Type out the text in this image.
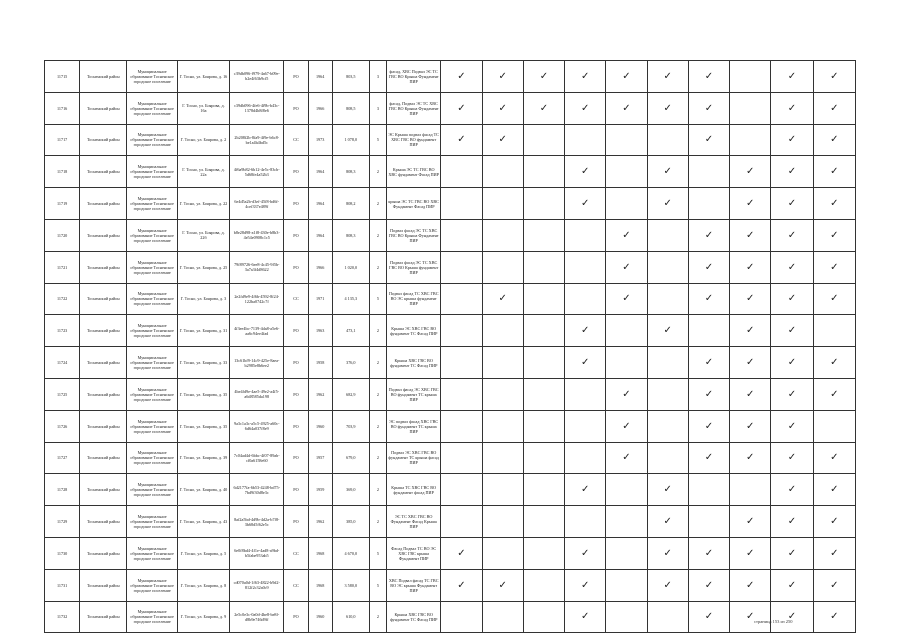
11715	Тосненский район	Муниципальное образование Тосненское городское поселение	Г. Тосно, ул. Боярова, д. 16	c39db096-f979-4a67-b09e-b2e4f63b9cf5	РО	1964	803,5	3	фасад, ХВС Подвал ЭС ТС ГВС ВО Крыша Фундамент ПИР	✓	✓	✓	✓	✓	✓	✓		✓	✓
11716	Тосненский район	Муниципальное образование Тосненское городское поселение	Г. Тосно, ул. Боярова, д. 16а	c39db096-4fe6-4f9b-b43c-1378d4b8f8e6	РО	1966	808,5	3	фасад, Подвал ЭС ТС ХВС ГВС ВО Крыша Фундамент ПИР	✓	✓	✓	✓	✓	✓	✓		✓	✓
11717	Тосненский район	Муниципальное образование Тосненское городское поселение	Г. Тосно, ул. Боярова, д. 2	2b208f2b-8fa9-4f9e-b6c8-be1a4b4bd5c	СС	1973	1 078,0	5	ЭС Крыша подвал фасад ТС ХВС ГВС ВО фундамент ПИР	✓	✓					✓		✓	✓
11718	Тосненский район	Муниципальное образование Тосненское городское поселение	Г. Тосно, ул. Боярова, д. 22а	4f6a9b82-6b12-4e5c-83cb-5d68fe4a52b3	РО	1964	808,3	2	Крыша ЭС ТС ГВС ВО ХВС фундамент Фасад ПИР				✓		✓		✓	✓	✓
11719	Тосненский район	Муниципальное образование Тосненское городское поселение	Г. Тосно, ул. Боярова, д. 22	6e4d5a2b-d3ef-45f8-bd6f-4cef337e489f	РО	1964	808,2	2	крыша ЭС ТС ГВС ВО ХВС Фундамент Фасад ПИР				✓		✓		✓	✓	✓
11720	Тосненский район	Муниципальное образование Тосненское городское поселение	Г. Тосно, ул. Боярова, д. 22б	b8e28d98-a1f8-430e-b8b3-4e54e0908c1c5	РО	1964	808,3	2	Подвал фасад ЭС ТС ХВС ГВС ВО Крыша Фундамент ПИР					✓		✓	✓	✓	✓
11721	Тосненский район	Муниципальное образование Тосненское городское поселение	Г. Тосно, ул. Боярова, д. 25	79f89726-6ee8-4c45-9f5b-3a7a3f4d8622	РО	1966	1 020,0	2	Подвал фасад ЭС ТС ХВС ГВС ВО Крыша фундамент ПИР					✓		✓	✓	✓	✓
11722	Тосненский район	Муниципальное образование Тосненское городское поселение	Г. Тосно, ул. Боярова, д. 3	2e2fd9e9-4f6b-4592-8f24-122ba0742c7f	СС	1971	4 135,3	5	Подвал фасад ТС ХВС ГВС ВО ЭС крыша фундамент ПИР		✓			✓		✓	✓	✓	✓
11723	Тосненский район	Муниципальное образование Тосненское городское поселение	Г. Тосно, ул. Боярова, д. 31	4f3ee4bc-7139-4da8-a5e6-aa6c94ee4fad	РО	1963	473,1	2	Крыша ЭС ХВС ГВС ВО фундамент ТС Фасад ПИР				✓		✓		✓	✓	
11724	Тосненский район	Муниципальное образование Тосненское городское поселение	Г. Тосно, ул. Боярова, д. 33	13c61bf9-14c9-425e-8aea-b2985e8b6ee2	РО	1958	376,0	2	Крыша ХВС ГВС ВО фундамент ТС Фасад ПИР				✓			✓	✓	✓	✓
11725	Тосненский район	Муниципальное образование Тосненское городское поселение	Г. Тосно, ул. Боярова, д. 35	4be4fd9e-4ae5-49e2-a4f5-a6d8585da198	РО	1962	682,9	2	Подвал фасад ЭС ХВС ГВС ВО фундамент ТС крыша ПИР					✓		✓	✓	✓	✓
11726	Тосненский район	Муниципальное образование Тосненское городское поселение	Г. Тосно, ул. Боярова, д. 35	9a3c1a3c-a5c5-4925-a60c-6d64a037f8e9	РО	1960	703,9	2	ЭС подвал фасад ХВС ГВС ВО фундамент ТС крыша ПИР					✓		✓	✓	✓	
11727	Тосненский район	Муниципальное образование Тосненское городское поселение	Г. Тосно, ул. Боярова, д. 39	7c04ad4d-6bbc-4f07-89ab-cf0a6158e60	РО	1957	679,0	2	Подвал ЭС ХВС ГВС ВО фундамент ТС крыша фасад ПИР					✓		✓	✓	✓	✓
11728	Тосненский район	Муниципальное образование Тосненское городское поселение	Г. Тосно, ул. Боярова, д. 40	6d2177fa-6b53-4248-bd75-7bd9f30d8e3c	РО	1959	369,0	2	Крыша ТС ХВС ГВС ВО фундамент фасад ПИР				✓		✓			✓	✓
11729	Тосненский район	Муниципальное образование Тосненское городское поселение	Г. Тосно, ул. Боярова, д. 43	8af2a5bd-4d9b-4d2a-b7f8-3b68d5f62e5c	РО	1962	385,0	2	ЭС ТС ХВС ГВС ВО Фундамент Фасад Крыша ПИР						✓		✓	✓	✓
11730	Тосненский район	Муниципальное образование Тосненское городское поселение	Г. Тосно, ул. Боярова, д. 5	6e0f8bd4-4f1e-4ad8-a9bd-b5fabe953ab5	СС	1968	4 670,0	5	Фасад Подвал ТС ВО ЭС ХВС ГВС крыша Фундамент ПИР	✓			✓		✓	✓	✓	✓	✓
11731	Тосненский район	Муниципальное образование Тосненское городское поселение	Г. Тосно, ул. Боярова, д. 8	cd070a0d-1f63-4822-b9d2-812f2c32a0c9	СС	1968	3 580,0	5	ХВС Подвал фасад ТС ГВС ВО ЭС крыша Фундамент ПИР	✓	✓		✓		✓	✓	✓	✓	✓
11732	Тосненский район	Муниципальное образование Тосненское городское поселение	Г. Тосно, ул. Боярова, д. 9	2e5c0e3c-0a0d-4be8-be8f-d8b9e746d9ff	РО	1960	610,0	2	Крыша ХВС ГВС ВО фундамент ТС Фасад ПИР				✓			✓	✓	✓	✓
страница 153 из 250
